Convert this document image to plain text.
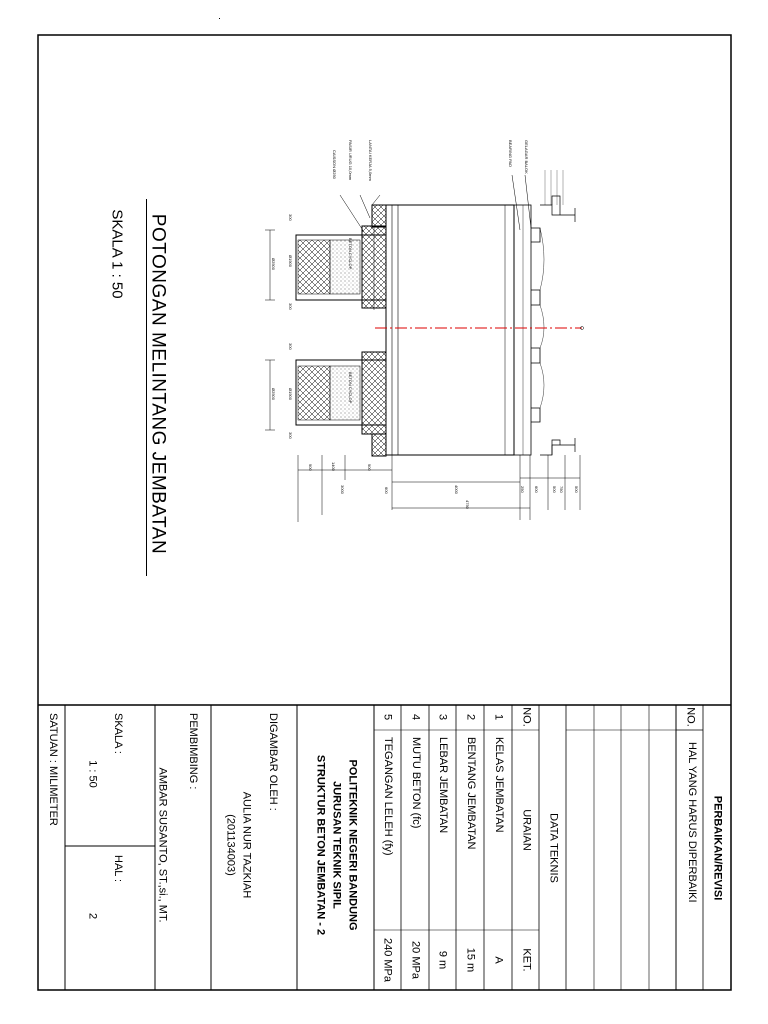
POTONGAN MELINTANG JEMBATAN
SKALA 1 : 50
LANTAI KERJA 5,0mm
PASIR URUG 10,0mm
CAISSON Ø250	GELAGAR BALOK
BEARING PAD
BETON CYCLOP
BETON CYCLOP
300
Ø1900
Ø2500
300
300
Ø1900
Ø2500
300
900	1400	900
3000	600	4000
4750
250 600	500 750	500
PERBAIKAN/REVISI
NO.
HAL YANG HARUS DIPERBAIKI
DATA TEKNIS
NO.
URAIAN
KET.
1
KELAS JEMBATAN
A
2
BENTANG JEMBATAN
15 m
3
LEBAR JEMBATAN
9 m
4
MUTU BETON (fc)
20 MPa
5
TEGANGAN LELEH (fy)
240 MPa
POLITEKNIK NEGERI BANDUNG
JURUSAN TEKNIK SIPIL
STRUKTUR BETON JEMBATAN - 2
DIGAMBAR OLEH :
AULIA NUR TAZKIAH
(201134003)
PEMBIMBING :
AMBAR SUSANTO, ST.,si., MT.
SKALA :
1 : 50
HAL :
2
SATUAN : MILIMETER
